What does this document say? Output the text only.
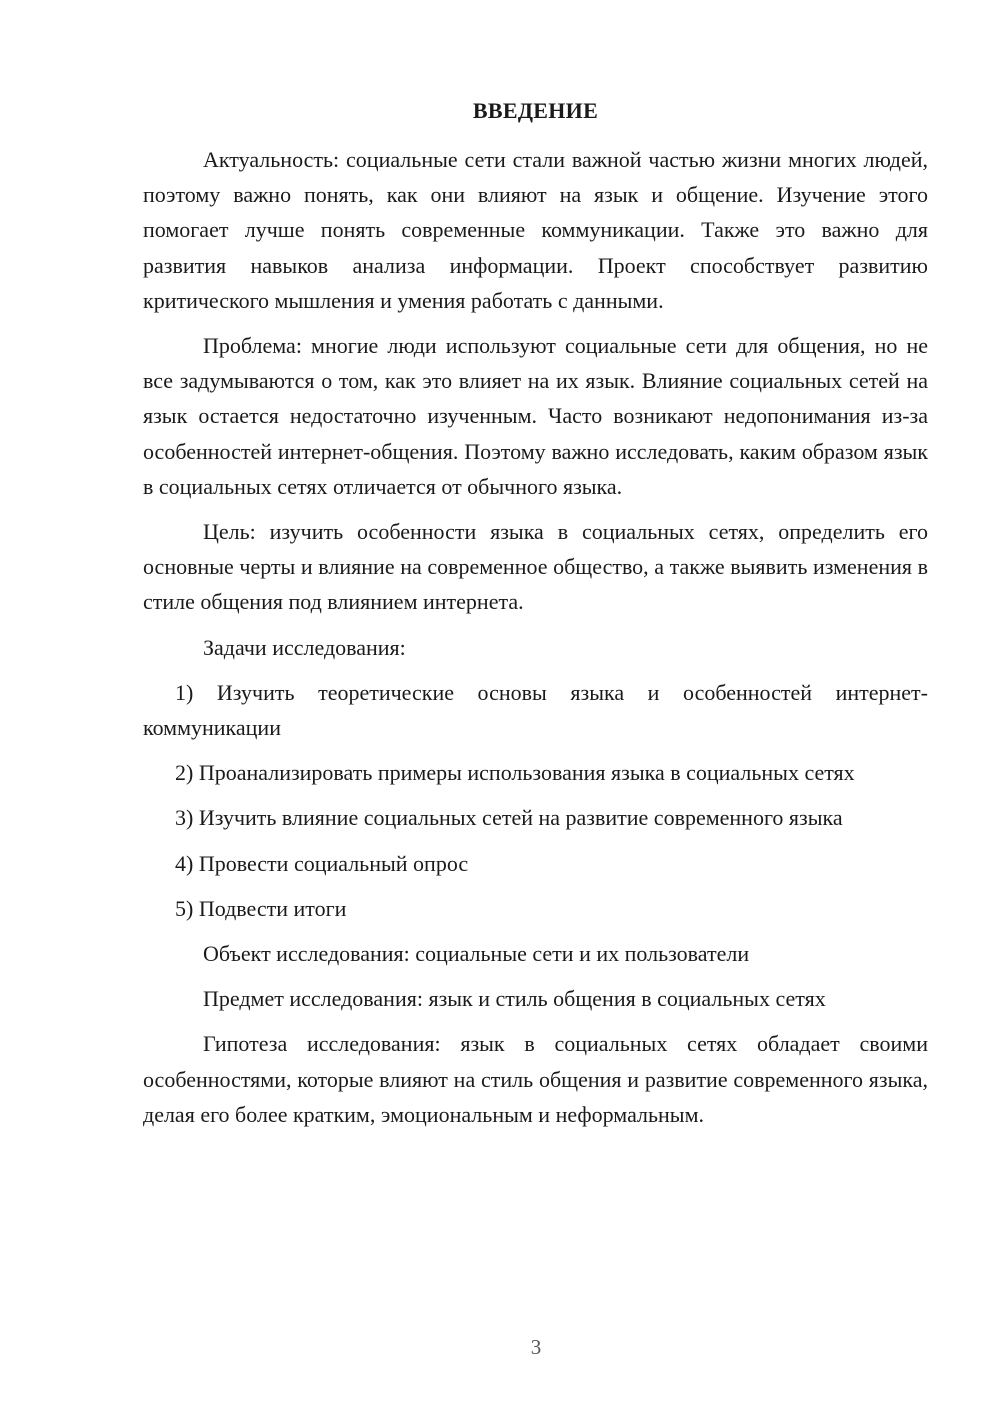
ВВЕДЕНИЕ

Актуальность: социальные сети стали важной частью жизни многих людей, поэтому важно понять, как они влияют на язык и общение. Изучение этого помогает лучше понять современные коммуникации. Также это важно для развития навыков анализа информации. Проект способствует развитию критического мышления и умения работать с данными.

Проблема: многие люди используют социальные сети для общения, но не все задумываются о том, как это влияет на их язык. Влияние социальных сетей на язык остается недостаточно изученным. Часто возникают недопонимания из-за особенностей интернет-общения. Поэтому важно исследовать, каким образом язык в социальных сетях отличается от обычного языка.

Цель: изучить особенности языка в социальных сетях, определить его основные черты и влияние на современное общество, а также выявить изменения в стиле общения под влиянием интернета.

Задачи исследования:

1) Изучить теоретические основы языка и особенностей интернет-коммуникации

2) Проанализировать примеры использования языка в социальных сетях

3) Изучить влияние социальных сетей на развитие современного языка

4) Провести социальный опрос

5) Подвести итоги

Объект исследования: социальные сети и их пользователи

Предмет исследования: язык и стиль общения в социальных сетях

Гипотеза исследования: язык в социальных сетях обладает своими особенностями, которые влияют на стиль общения и развитие современного языка, делая его более кратким, эмоциональным и неформальным.

3
